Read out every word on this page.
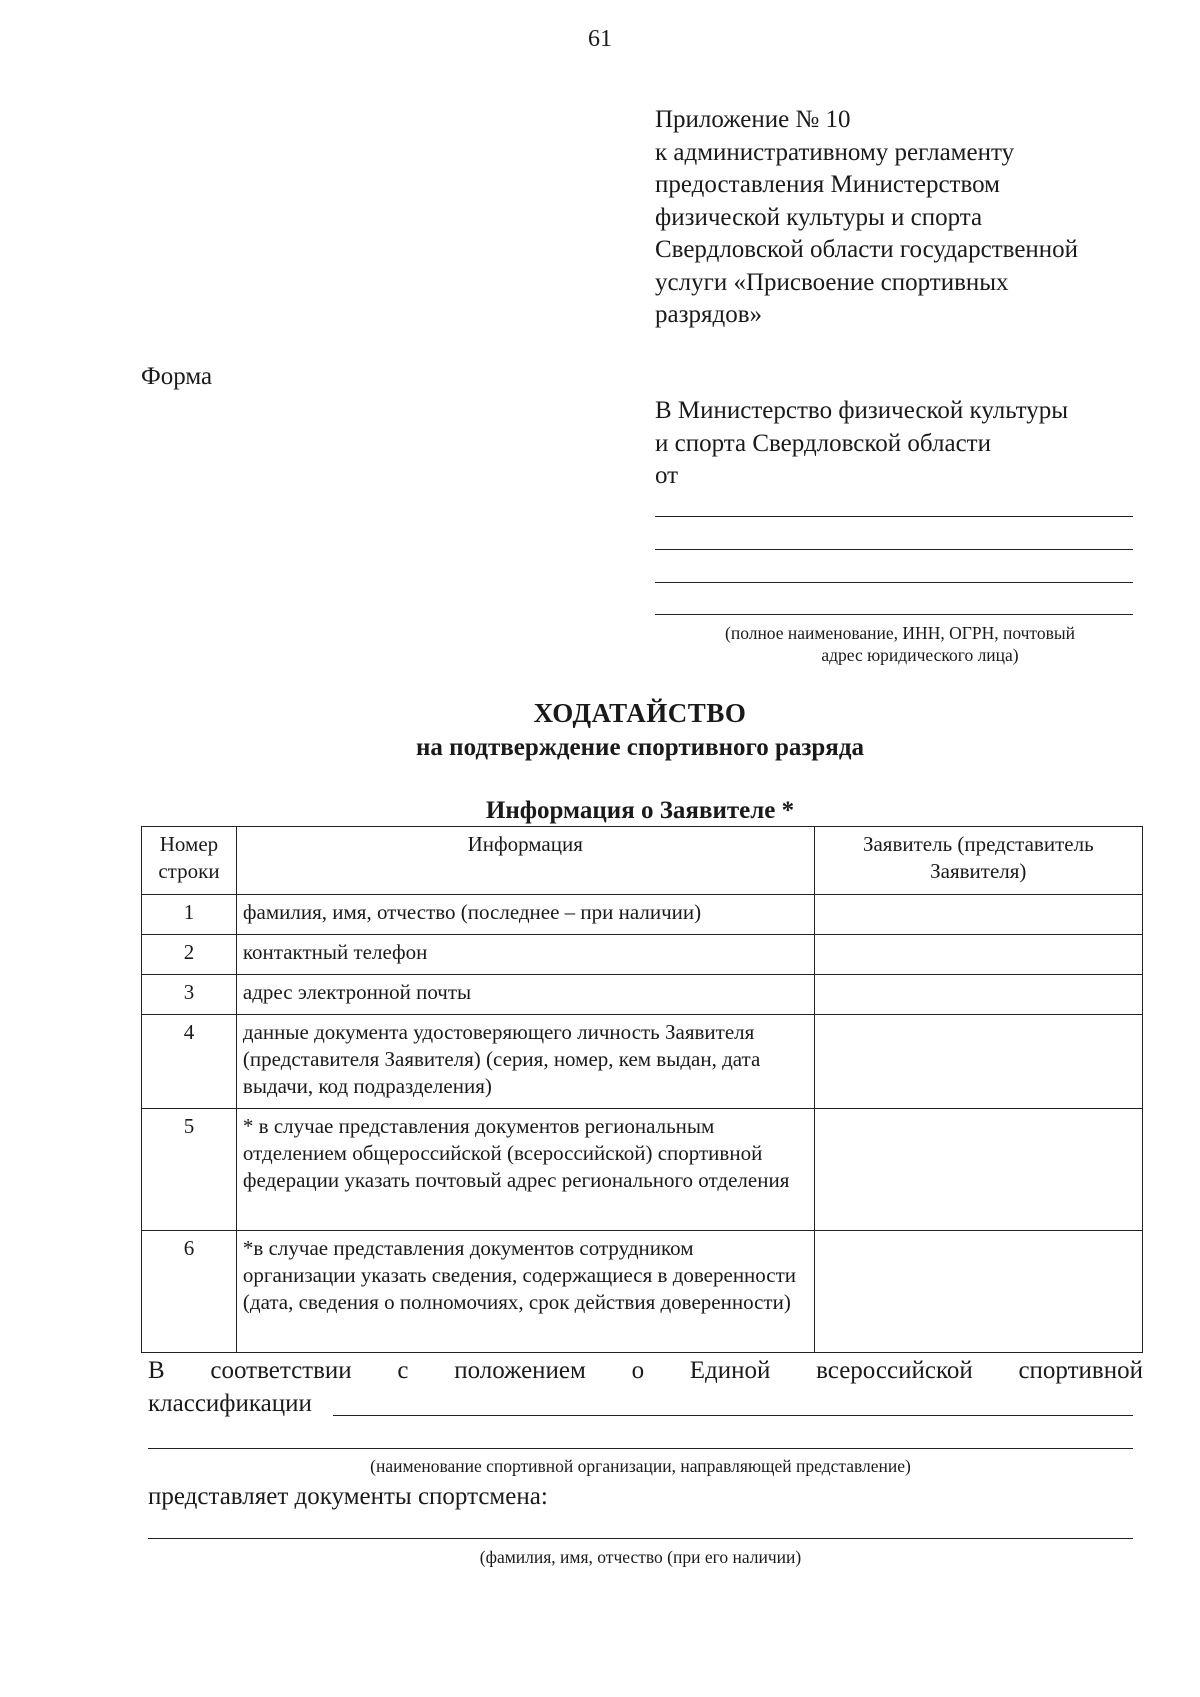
61
Приложение № 10
к административному регламенту
предоставления Министерством
физической культуры и спорта
Свердловской области государственной
услуги «Присвоение спортивных
разрядов»
Форма
В Министерство физической культуры
и спорта Свердловской области
от
(полное наименование, ИНН, ОГРН, почтовый
адрес юридического лица)
ХОДАТАЙСТВО
на подтверждение спортивного разряда
Информация о Заявителе *
Номер строки	Информация	Заявитель (представитель Заявителя)
1	фамилия, имя, отчество (последнее – при наличии)	
2	контактный телефон	
3	адрес электронной почты	
4	данные документа удостоверяющего личность Заявителя (представителя Заявителя) (серия, номер, кем выдан, дата выдачи, код подразделения)	
5	* в случае представления документов региональным отделением общероссийской (всероссийской) спортивной федерации указать почтовый адрес регионального отделения	
6	*в случае представления документов сотрудником организации указать сведения, содержащиеся в доверенности (дата, сведения о полномочиях, срок действия доверенности)	
В соответствии с положением о Единой всероссийской спортивной
классификации
(наименование спортивной организации, направляющей представление)
представляет документы спортсмена:
(фамилия, имя, отчество (при его наличии)
